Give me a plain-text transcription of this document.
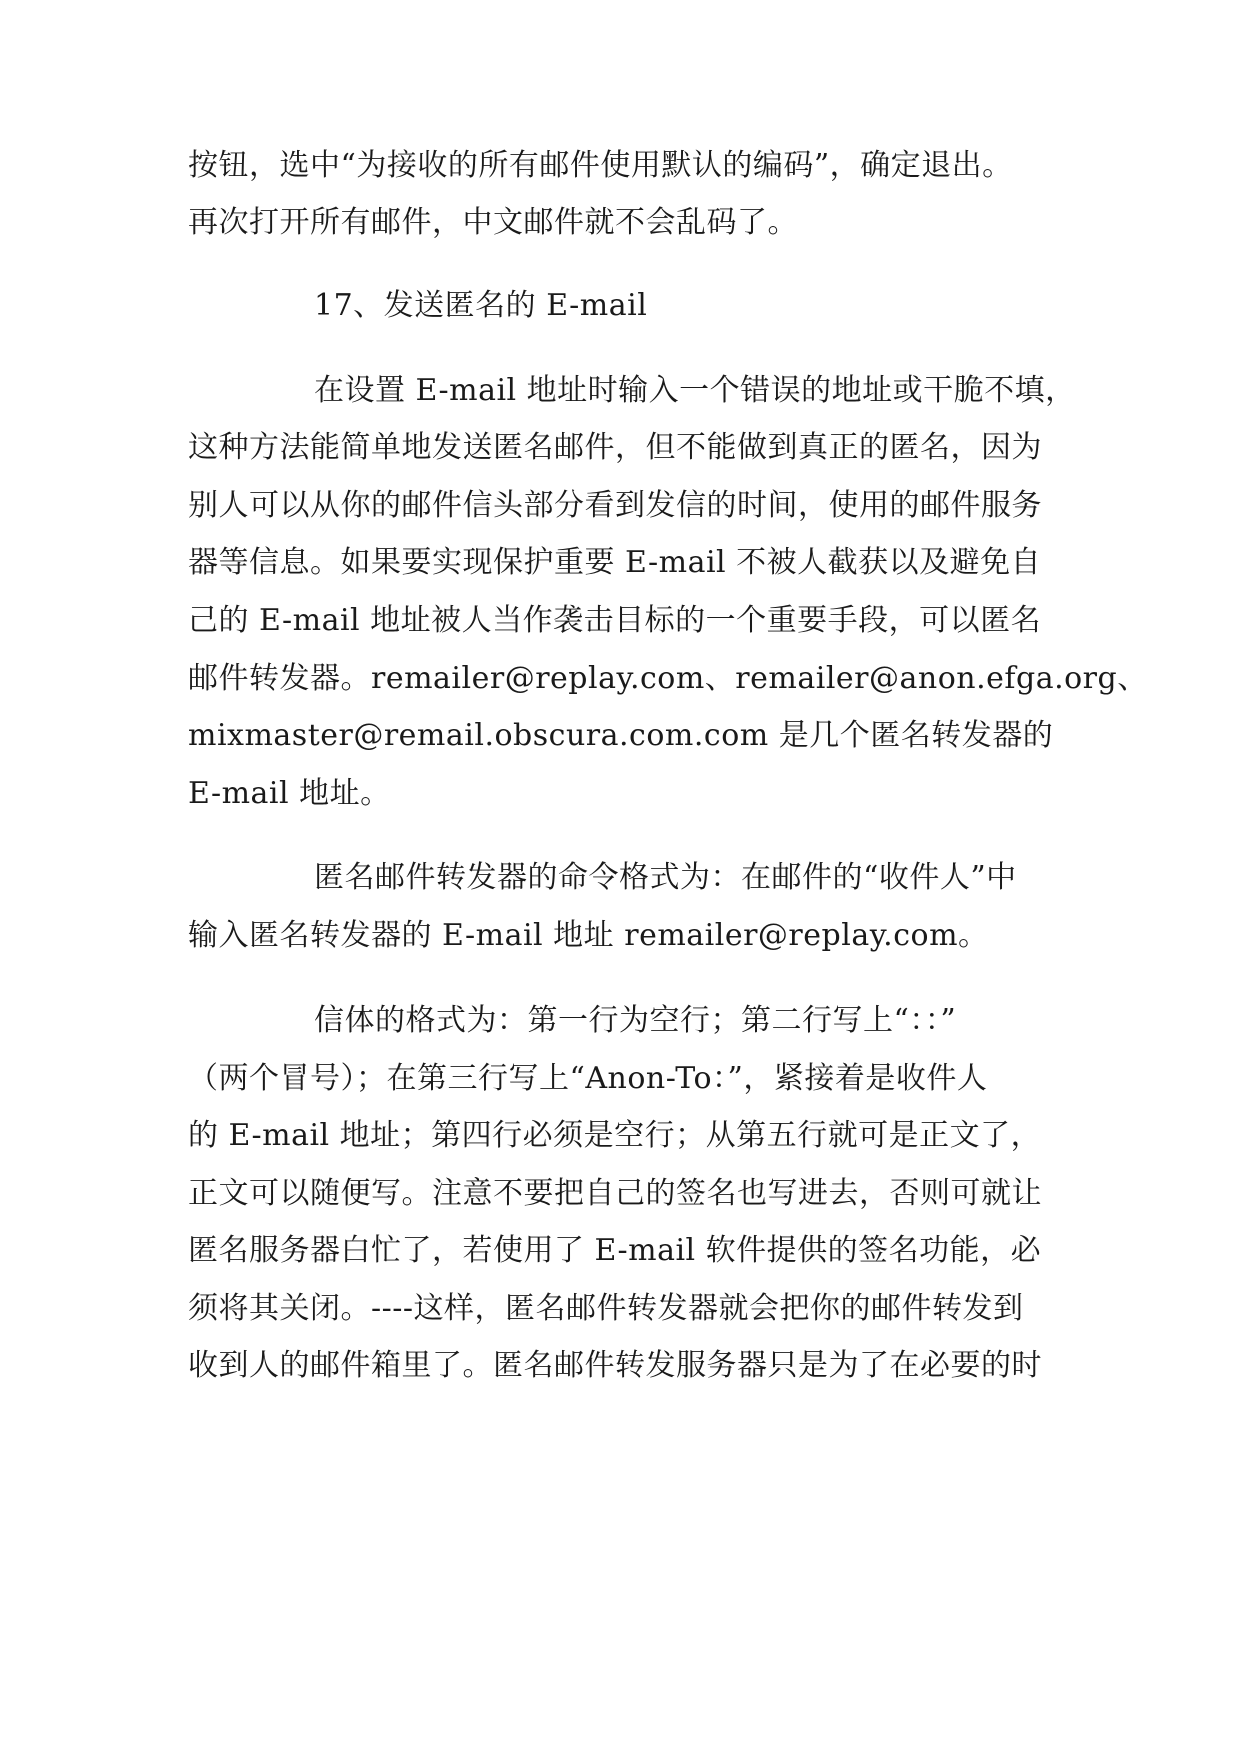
按钮，选中“为接收的所有邮件使用默认的编码”，确定退出。
再次打开所有邮件，中文邮件就不会乱码了。
17、发送匿名的 E-mail
在设置 E-mail 地址时输入一个错误的地址或干脆不填，
这种方法能简单地发送匿名邮件，但不能做到真正的匿名，因为
别人可以从你的邮件信头部分看到发信的时间，使用的邮件服务
器等信息。如果要实现保护重要 E-mail 不被人截获以及避免自
己的 E-mail 地址被人当作袭击目标的一个重要手段，可以匿名
邮件转发器。remailer@replay.com、remailer@anon.efga.org、
mixmaster@remail.obscura.com.com 是几个匿名转发器的
E-mail 地址。
匿名邮件转发器的命令格式为：在邮件的“收件人”中
输入匿名转发器的 E-mail 地址 remailer@replay.com。
信体的格式为：第一行为空行；第二行写上“：：”
（两个冒号）；在第三行写上“Anon-To：”，紧接着是收件人
的 E-mail 地址；第四行必须是空行；从第五行就可是正文了，
正文可以随便写。注意不要把自己的签名也写进去，否则可就让
匿名服务器白忙了，若使用了 E-mail 软件提供的签名功能，必
须将其关闭。----这样，匿名邮件转发器就会把你的邮件转发到
收到人的邮件箱里了。匿名邮件转发服务器只是为了在必要的时
